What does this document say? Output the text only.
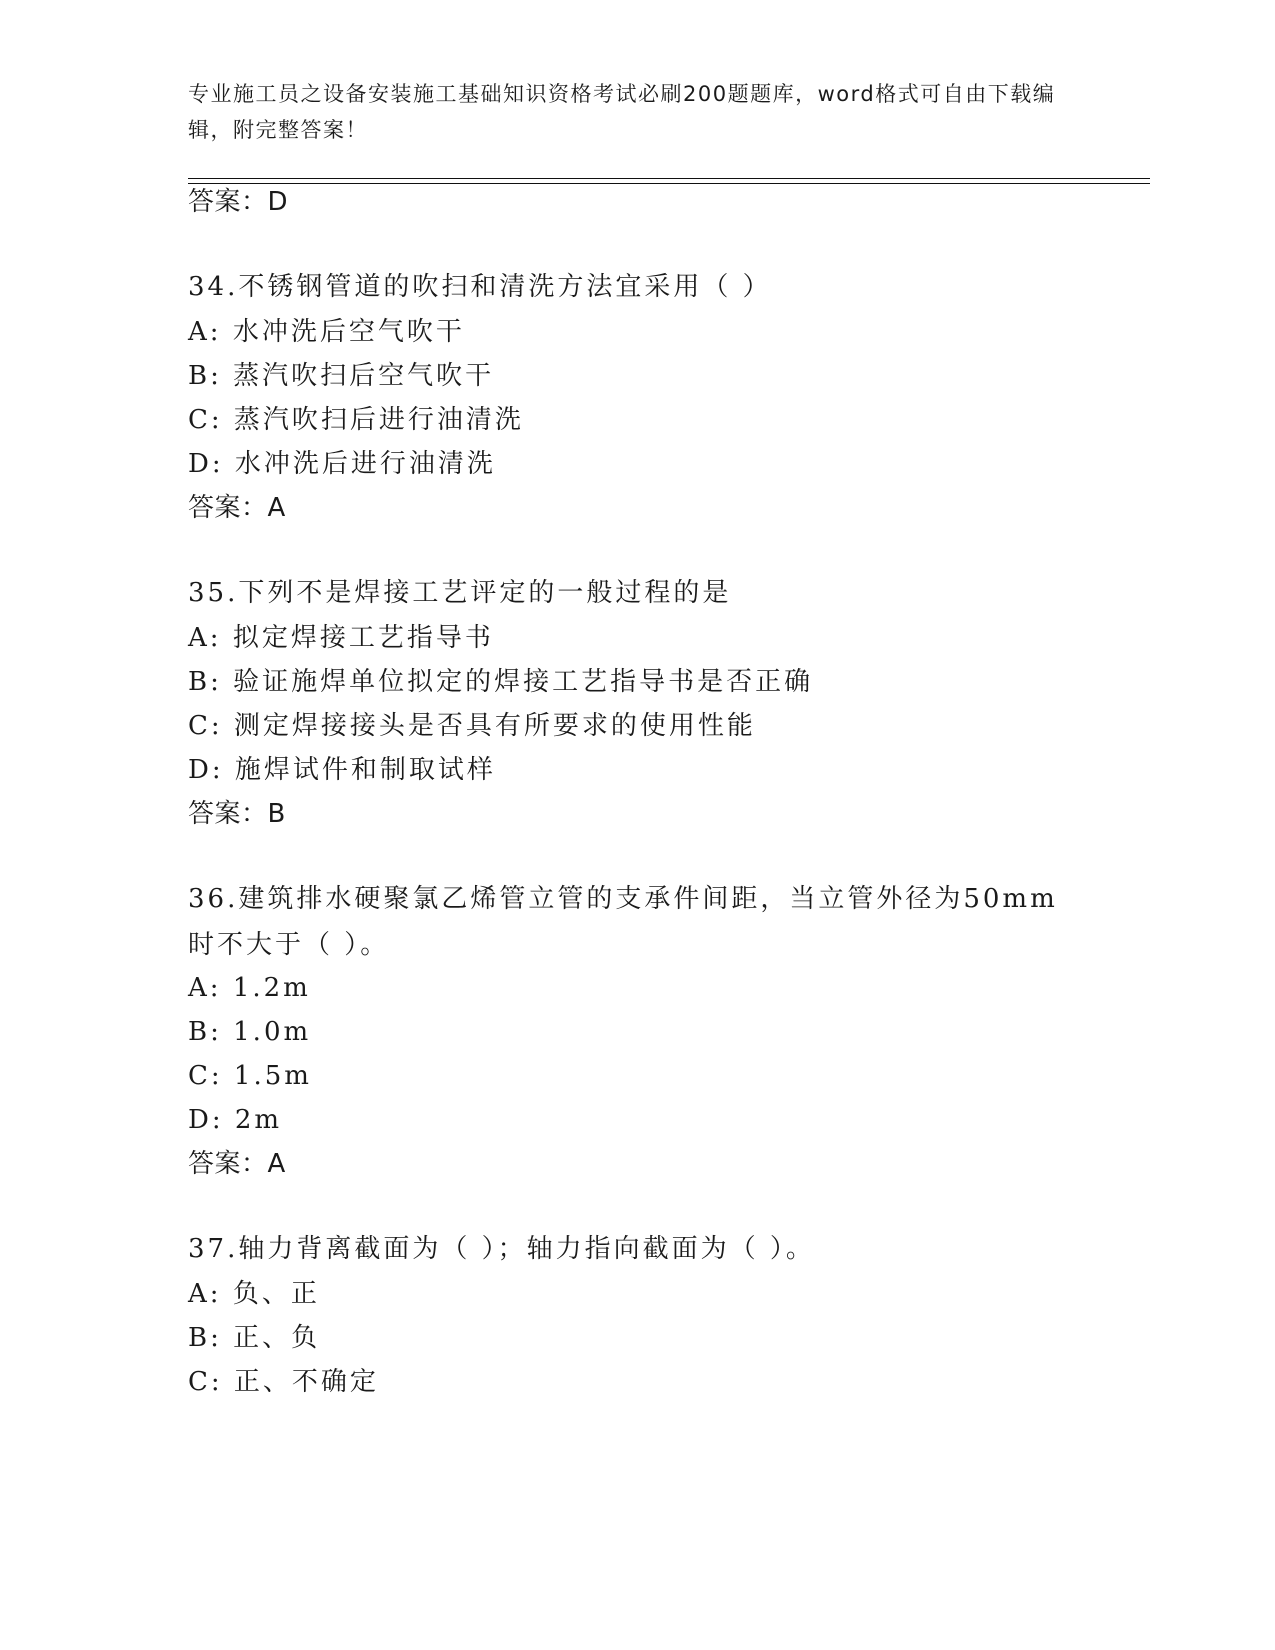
专业施工员之设备安装施工基础知识资格考试必刷200题题库，word格式可自由下载编辑，附完整答案！
答案：D
34.不锈钢管道的吹扫和清洗方法宜采用（ ）
A: 水冲洗后空气吹干
B: 蒸汽吹扫后空气吹干
C: 蒸汽吹扫后进行油清洗
D: 水冲洗后进行油清洗
答案：A
35.下列不是焊接工艺评定的一般过程的是
A: 拟定焊接工艺指导书
B: 验证施焊单位拟定的焊接工艺指导书是否正确
C: 测定焊接接头是否具有所要求的使用性能
D: 施焊试件和制取试样
答案：B
36.建筑排水硬聚氯乙烯管立管的支承件间距，当立管外径为50mm时不大于（ ）。
A: 1.2m
B: 1.0m
C: 1.5m
D: 2m
答案：A
37.轴力背离截面为（ ）；轴力指向截面为（ ）。
A: 负、正
B: 正、负
C: 正、不确定
